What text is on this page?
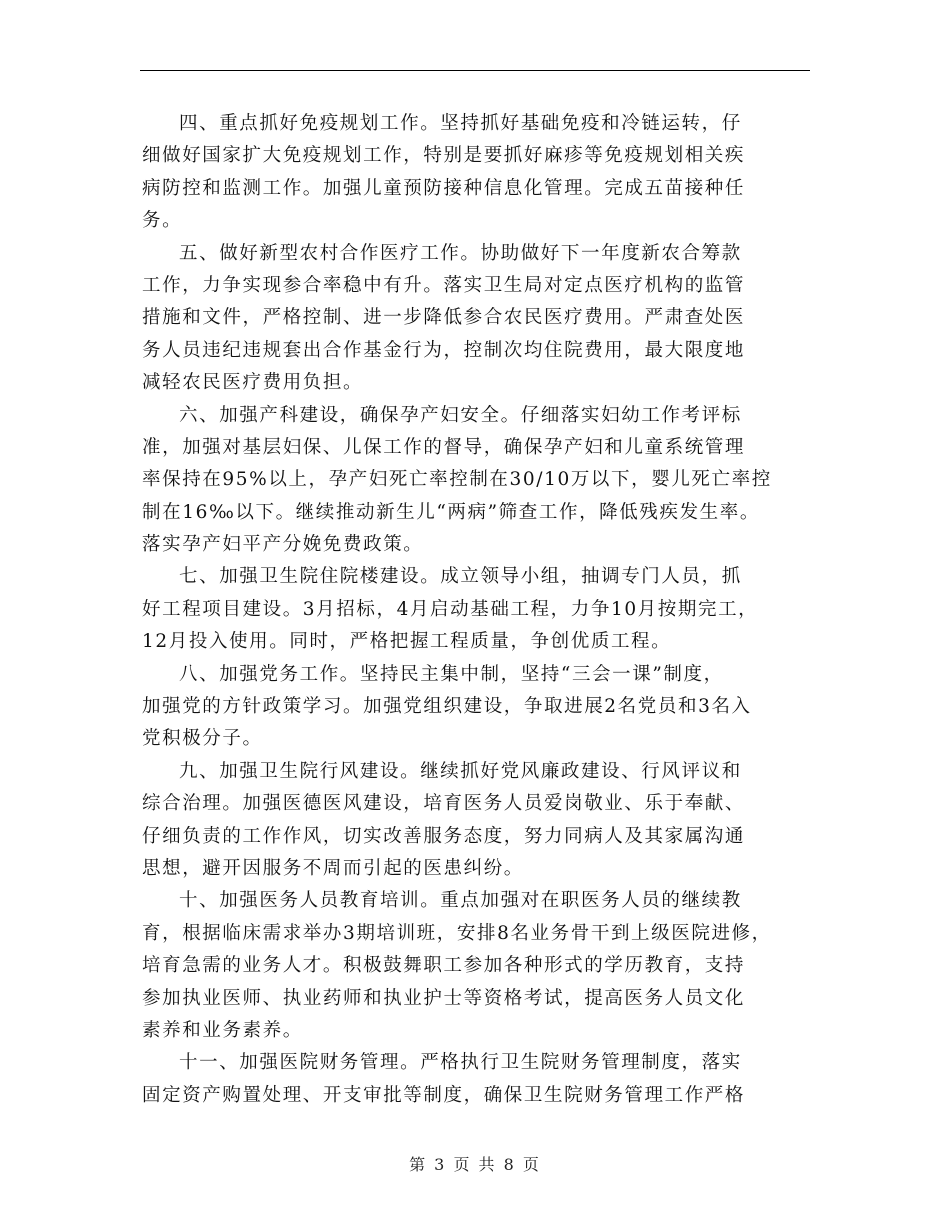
四、重点抓好免疫规划工作。坚持抓好基础免疫和冷链运转，仔
细做好国家扩大免疫规划工作，特别是要抓好麻疹等免疫规划相关疾
病防控和监测工作。加强儿童预防接种信息化管理。完成五苗接种任
务。
五、做好新型农村合作医疗工作。协助做好下一年度新农合筹款
工作，力争实现参合率稳中有升。落实卫生局对定点医疗机构的监管
措施和文件，严格控制、进一步降低参合农民医疗费用。严肃查处医
务人员违纪违规套出合作基金行为，控制次均住院费用，最大限度地
减轻农民医疗费用负担。
六、加强产科建设，确保孕产妇安全。仔细落实妇幼工作考评标
准，加强对基层妇保、儿保工作的督导，确保孕产妇和儿童系统管理
率保持在95%以上，孕产妇死亡率控制在30/10万以下，婴儿死亡率控
制在16‰以下。继续推动新生儿“两病”筛查工作，降低残疾发生率。
落实孕产妇平产分娩免费政策。
七、加强卫生院住院楼建设。成立领导小组，抽调专门人员，抓
好工程项目建设。3月招标，4月启动基础工程，力争10月按期完工，
12月投入使用。同时，严格把握工程质量，争创优质工程。
八、加强党务工作。坚持民主集中制，坚持“三会一课”制度，
加强党的方针政策学习。加强党组织建设，争取进展2名党员和3名入
党积极分子。
九、加强卫生院行风建设。继续抓好党风廉政建设、行风评议和
综合治理。加强医德医风建设，培育医务人员爱岗敬业、乐于奉献、
仔细负责的工作作风，切实改善服务态度，努力同病人及其家属沟通
思想，避开因服务不周而引起的医患纠纷。
十、加强医务人员教育培训。重点加强对在职医务人员的继续教
育，根据临床需求举办3期培训班，安排8名业务骨干到上级医院进修，
培育急需的业务人才。积极鼓舞职工参加各种形式的学历教育，支持
参加执业医师、执业药师和执业护士等资格考试，提高医务人员文化
素养和业务素养。
十一、加强医院财务管理。严格执行卫生院财务管理制度，落实
固定资产购置处理、开支审批等制度，确保卫生院财务管理工作严格
第 3 页 共 8 页
